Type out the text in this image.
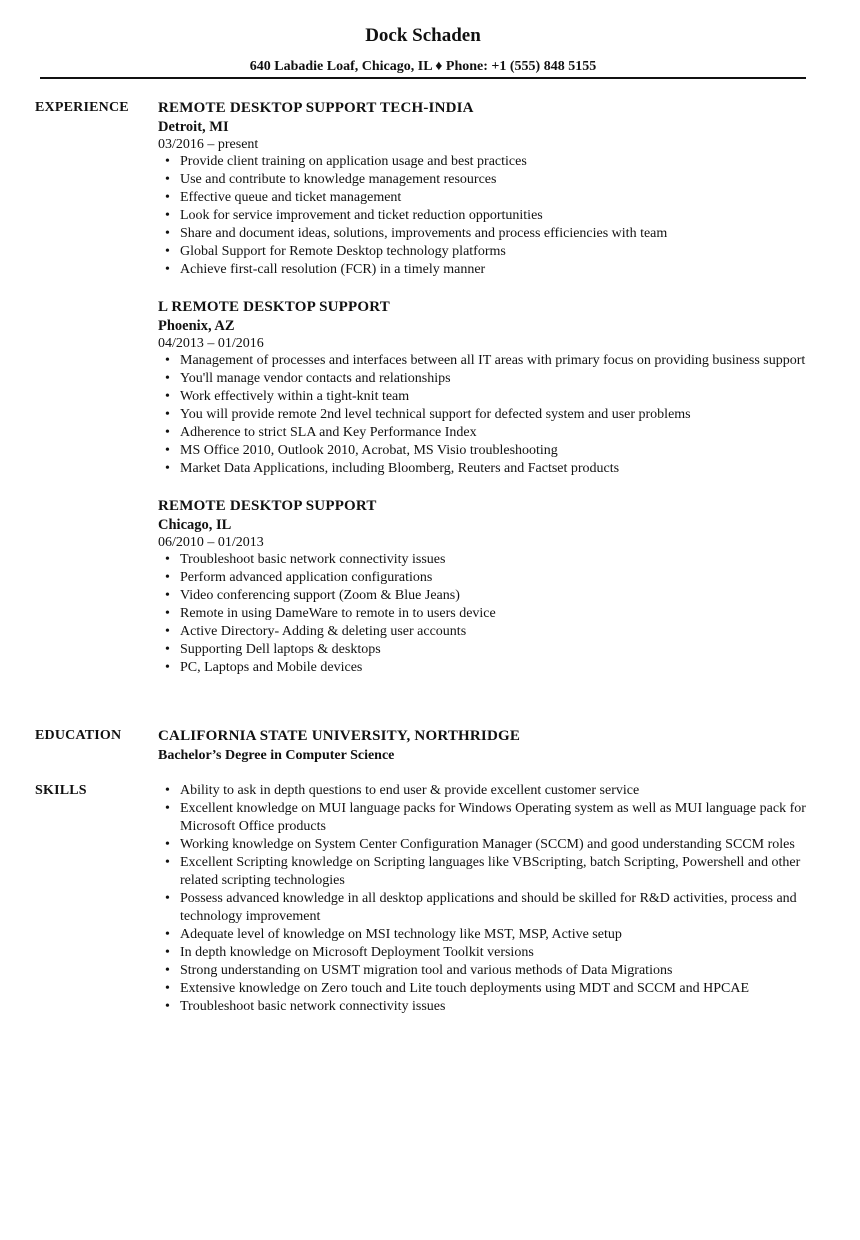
Dock Schaden
640 Labadie Loaf, Chicago, IL ♦ Phone: +1 (555) 848 5155
EXPERIENCE REMOTE DESKTOP SUPPORT TECH-INDIA
Detroit, MI
03/2016 – present
• Provide client training on application usage and best practices
• Use and contribute to knowledge management resources
• Effective queue and ticket management
• Look for service improvement and ticket reduction opportunities
• Share and document ideas, solutions, improvements and process efficiencies with team
• Global Support for Remote Desktop technology platforms
• Achieve first-call resolution (FCR) in a timely manner
L REMOTE DESKTOP SUPPORT
Phoenix, AZ
04/2013 – 01/2016
• Management of processes and interfaces between all IT areas with primary focus on providing business support
• You'll manage vendor contacts and relationships
• Work effectively within a tight-knit team
• You will provide remote 2nd level technical support for defected system and user problems
• Adherence to strict SLA and Key Performance Index
• MS Office 2010, Outlook 2010, Acrobat, MS Visio troubleshooting
• Market Data Applications, including Bloomberg, Reuters and Factset products
REMOTE DESKTOP SUPPORT
Chicago, IL
06/2010 – 01/2013
• Troubleshoot basic network connectivity issues
• Perform advanced application configurations
• Video conferencing support (Zoom & Blue Jeans)
• Remote in using DameWare to remote in to users device
• Active Directory- Adding & deleting user accounts
• Supporting Dell laptops & desktops
• PC, Laptops and Mobile devices
EDUCATION CALIFORNIA STATE UNIVERSITY, NORTHRIDGE
Bachelor’s Degree in Computer Science
SKILLS
•	Ability to ask in depth questions to end user & provide excellent customer service
• Excellent knowledge on MUI language packs for Windows Operating system as well as MUI language pack for Microsoft Office products
• Working knowledge on System Center Configuration Manager (SCCM) and good understanding SCCM roles
• Excellent Scripting knowledge on Scripting languages like VBScripting, batch Scripting, Powershell and other related scripting technologies
• Possess advanced knowledge in all desktop applications and should be skilled for R&D activities, process and technology improvement
• Adequate level of knowledge on MSI technology like MST, MSP, Active setup
• In depth knowledge on Microsoft Deployment Toolkit versions
• Strong understanding on USMT migration tool and various methods of Data Migrations
• Extensive knowledge on Zero touch and Lite touch deployments using MDT and SCCM and HPCAE
• Troubleshoot basic network connectivity issues
